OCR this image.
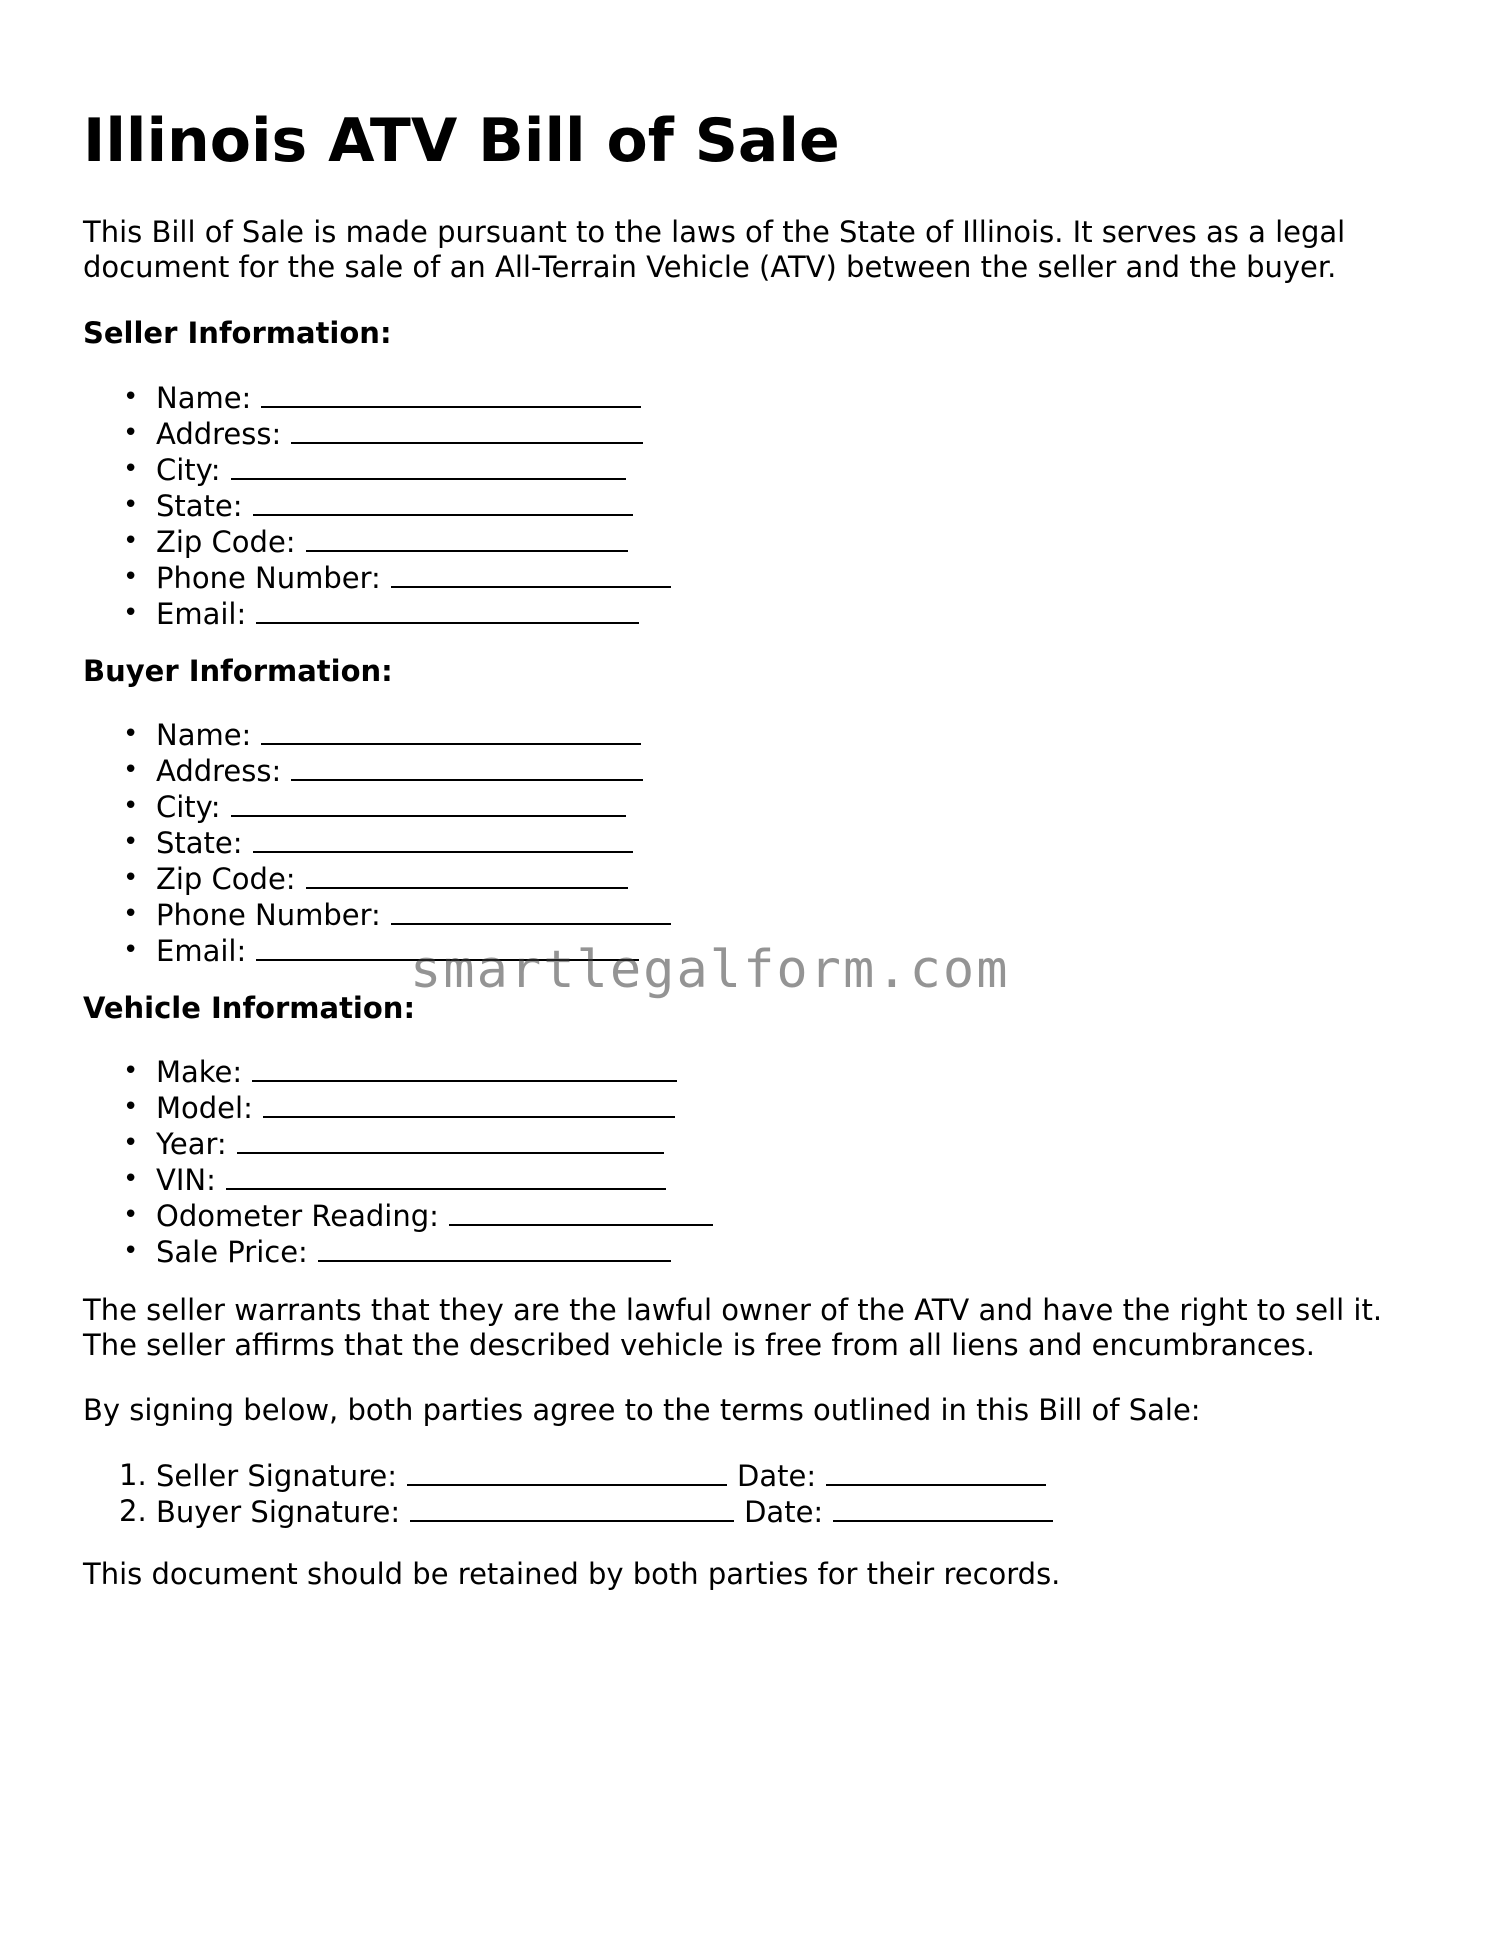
Illinois ATV Bill of Sale

This Bill of Sale is made pursuant to the laws of the State of Illinois. It serves as a legal

document for the sale of an All-Terrain Vehicle (ATV) between the seller and the buyer.

Seller Information:

• Name:
• Address:
• City:
• State:
• Zip Code:
• Phone Number:
• Email:

Buyer Information:

• Name:
• Address:
• City:
• State:
• Zip Code:
• Phone Number:
• Email:

Vehicle Information:

• Make:
• Model:
• Year:
• VIN:
• Odometer Reading:
• Sale Price:

The seller warrants that they are the lawful owner of the ATV and have the right to sell it.

The seller affirms that the described vehicle is free from all liens and encumbrances.

By signing below, both parties agree to the terms outlined in this Bill of Sale:

1. Seller Signature:	Date:
2. Buyer Signature:	Date:

This document should be retained by both parties for their records.

smartlegalform.com
